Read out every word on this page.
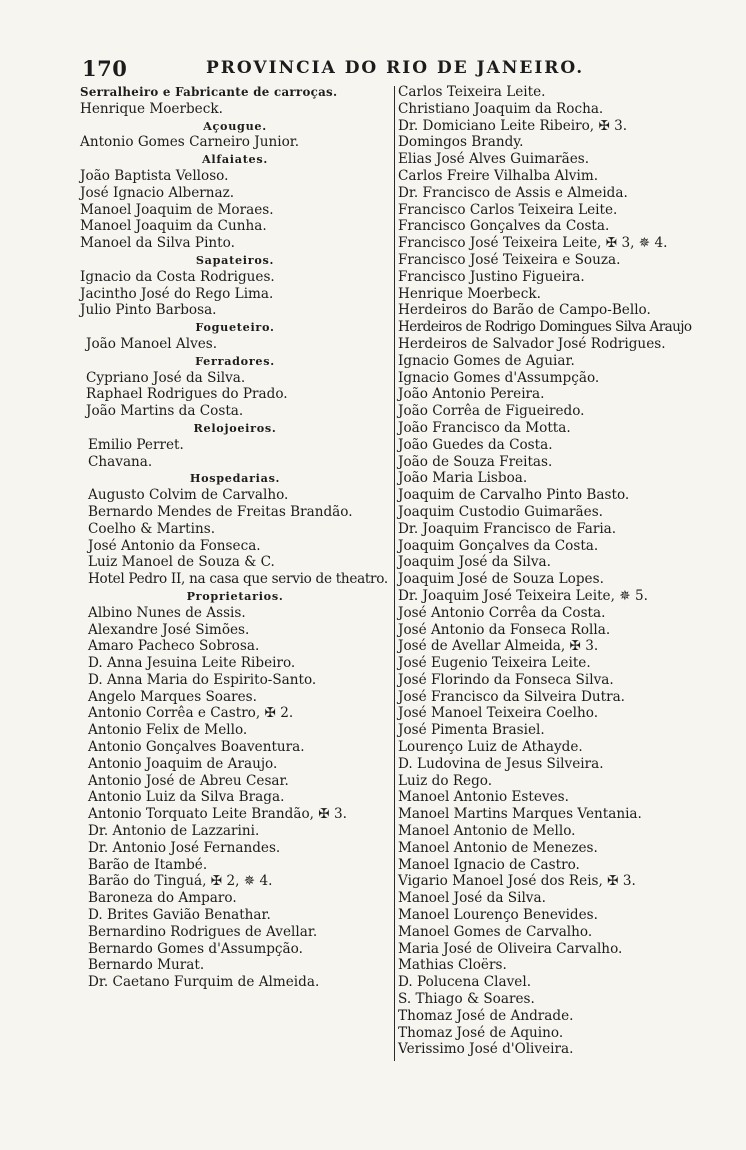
170	PROVINCIA DO RIO DE JANEIRO.
Serralheiro e Fabricante de carroças.
Henrique Moerbeck.
Açougue.
Antonio Gomes Carneiro Junior.
Alfaiates.
João Baptista Velloso.
José Ignacio Albernaz.
Manoel Joaquim de Moraes.
Manoel Joaquim da Cunha.
Manoel da Silva Pinto.
Sapateiros.
Ignacio da Costa Rodrigues.
Jacintho José do Rego Lima.
Julio Pinto Barbosa.
Fogueteiro.
João Manoel Alves.
Ferradores.
Cypriano José da Silva.
Raphael Rodrigues do Prado.
João Martins da Costa.
Relojoeiros.
Emilio Perret.
Chavana.
Hospedarias.
Augusto Colvim de Carvalho.
Bernardo Mendes de Freitas Brandão.
Coelho & Martins.
José Antonio da Fonseca.
Luiz Manoel de Souza & C.
Hotel Pedro II, na casa que servio de theatro.
Proprietarios.
Albino Nunes de Assis.
Alexandre José Simões.
Amaro Pacheco Sobrosa.
D. Anna Jesuina Leite Ribeiro.
D. Anna Maria do Espirito-Santo.
Angelo Marques Soares.
Antonio Corrêa e Castro, ✠ 2.
Antonio Felix de Mello.
Antonio Gonçalves Boaventura.
Antonio Joaquim de Araujo.
Antonio José de Abreu Cesar.
Antonio Luiz da Silva Braga.
Antonio Torquato Leite Brandão, ✠ 3.
Dr. Antonio de Lazzarini.
Dr. Antonio José Fernandes.
Barão de Itambé.
Barão do Tinguá, ✠ 2, ✵ 4.
Baroneza do Amparo.
D. Brites Gavião Benathar.
Bernardino Rodrigues de Avellar.
Bernardo Gomes d'Assumpção.
Bernardo Murat.
Dr. Caetano Furquim de Almeida.
Carlos Teixeira Leite.
Christiano Joaquim da Rocha.
Dr. Domiciano Leite Ribeiro, ✠ 3.
Domingos Brandy.
Elias José Alves Guimarães.
Carlos Freire Vilhalba Alvim.
Dr. Francisco de Assis e Almeida.
Francisco Carlos Teixeira Leite.
Francisco Gonçalves da Costa.
Francisco José Teixeira Leite, ✠ 3, ✵ 4.
Francisco José Teixeira e Souza.
Francisco Justino Figueira.
Henrique Moerbeck.
Herdeiros do Barão de Campo-Bello.
Herdeiros de Rodrigo Domingues Silva Araujo
Herdeiros de Salvador José Rodrigues.
Ignacio Gomes de Aguiar.
Ignacio Gomes d'Assumpção.
João Antonio Pereira.
João Corrêa de Figueiredo.
João Francisco da Motta.
João Guedes da Costa.
João de Souza Freitas.
João Maria Lisboa.
Joaquim de Carvalho Pinto Basto.
Joaquim Custodio Guimarães.
Dr. Joaquim Francisco de Faria.
Joaquim Gonçalves da Costa.
Joaquim José da Silva.
Joaquim José de Souza Lopes.
Dr. Joaquim José Teixeira Leite, ✵ 5.
José Antonio Corrêa da Costa.
José Antonio da Fonseca Rolla.
José de Avellar Almeida, ✠ 3.
José Eugenio Teixeira Leite.
José Florindo da Fonseca Silva.
José Francisco da Silveira Dutra.
José Manoel Teixeira Coelho.
José Pimenta Brasiel.
Lourenço Luiz de Athayde.
D. Ludovina de Jesus Silveira.
Luiz do Rego.
Manoel Antonio Esteves.
Manoel Martins Marques Ventania.
Manoel Antonio de Mello.
Manoel Antonio de Menezes.
Manoel Ignacio de Castro.
Vigario Manoel José dos Reis, ✠ 3.
Manoel José da Silva.
Manoel Lourenço Benevides.
Manoel Gomes de Carvalho.
Maria José de Oliveira Carvalho.
Mathias Cloërs.
D. Polucena Clavel.
S. Thiago & Soares.
Thomaz José de Andrade.
Thomaz José de Aquino.
Verissimo José d'Oliveira.
